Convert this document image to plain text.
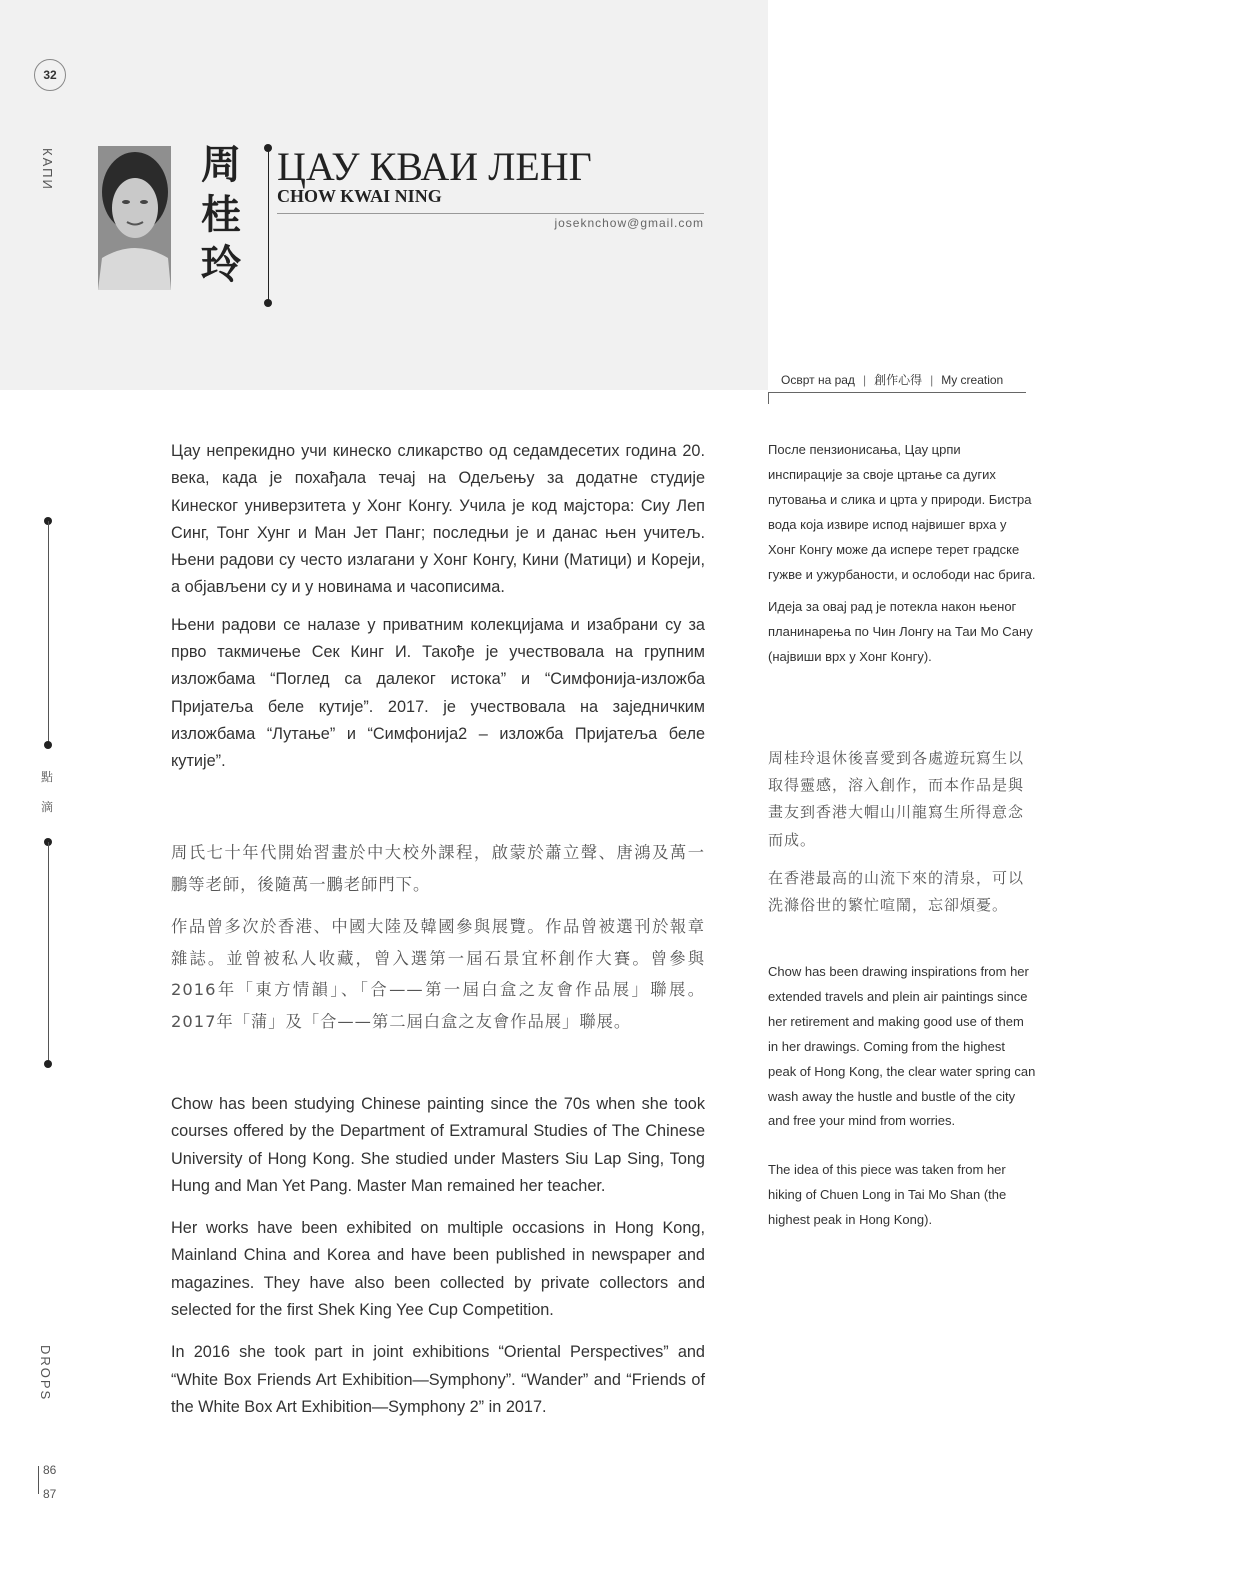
32
КАПИ
點
滴
DROPS
86
87
周桂玲
ЦАУ КВАИ ЛЕНГ
CHOW KWAI NING
joseknchow@gmail.com
Осврт на рад | 創作心得 | My creation

Цау непрекидно учи кинеско сликарство од седамдесетих година 20. века, када је похађала течај на Одељењу за додатне студије Кинеског универзитета у Хонг Конгу. Учила је код мајстора: Сиу Леп Синг, Тонг Хунг и Ман Јет Панг; последњи је и данас њен учитељ. Њени радови су често излагани у Хонг Конгу, Кини (Матици) и Кореји, а објављени су и у новинама и часописима.

Њени радови се налазе у приватним колекцијама и изабрани су за прво такмичење Сек Кинг И. Такође је учествовала на групним изложбама “Поглед са далеког истока” и “Симфонија-изложба Пријатеља беле кутије”. 2017. је учествовала на заједничким изложбама “Лутање” и “Симфонија2 – изложба Пријатеља беле кутије”.

周氏七十年代開始習畫於中大校外課程，啟蒙於蕭立聲、唐鴻及萬一鵬等老師，後隨萬一鵬老師門下。

作品曾多次於香港、中國大陸及韓國參與展覽。作品曾被選刊於報章雜誌。並曾被私人收藏，曾入選第一屆石景宜杯創作大賽。曾參與2016年「東方情韻」、「合——第一屆白盒之友會作品展」聯展。2017年「蒲」及「合——第二屆白盒之友會作品展」聯展。

Chow has been studying Chinese painting since the 70s when she took courses offered by the Department of Extramural Studies of The Chinese University of Hong Kong. She studied under Masters Siu Lap Sing, Tong Hung and Man Yet Pang. Master Man remained her teacher.

Her works have been exhibited on multiple occasions in Hong Kong, Mainland China and Korea and have been published in newspaper and magazines. They have also been collected by private collectors and selected for the first Shek King Yee Cup Competition.

In 2016 she took part in joint exhibitions “Oriental Perspectives” and “White Box Friends Art Exhibition—Symphony”. “Wander” and “Friends of the White Box Art Exhibition—Symphony 2” in 2017.

После пензионисања, Цау црпи инспирације за своје цртање са дугих путовања и слика и црта у природи. Бистра вода која извире испод највишег врха у Хонг Конгу може да исперe терет градске гужве и ужурбаности, и ослободи нас брига.

Идеја за овај рад је потекла након њеног планинарења по Чин Лонгу на Таи Мо Сану (највиши врх у Хонг Конгу).

周桂玲退休後喜愛到各處遊玩寫生以取得靈感，溶入創作，而本作品是與畫友到香港大帽山川龍寫生所得意念而成。

在香港最高的山流下來的清泉，可以洗滌俗世的繁忙喧鬧，忘卻煩憂。

Chow has been drawing inspirations from her extended travels and plein air paintings since her retirement and making good use of them in her drawings. Coming from the highest peak of Hong Kong, the clear water spring can wash away the hustle and bustle of the city and free your mind from worries.

The idea of this piece was taken from her hiking of Chuen Long in Tai Mo Shan (the highest peak in Hong Kong).
